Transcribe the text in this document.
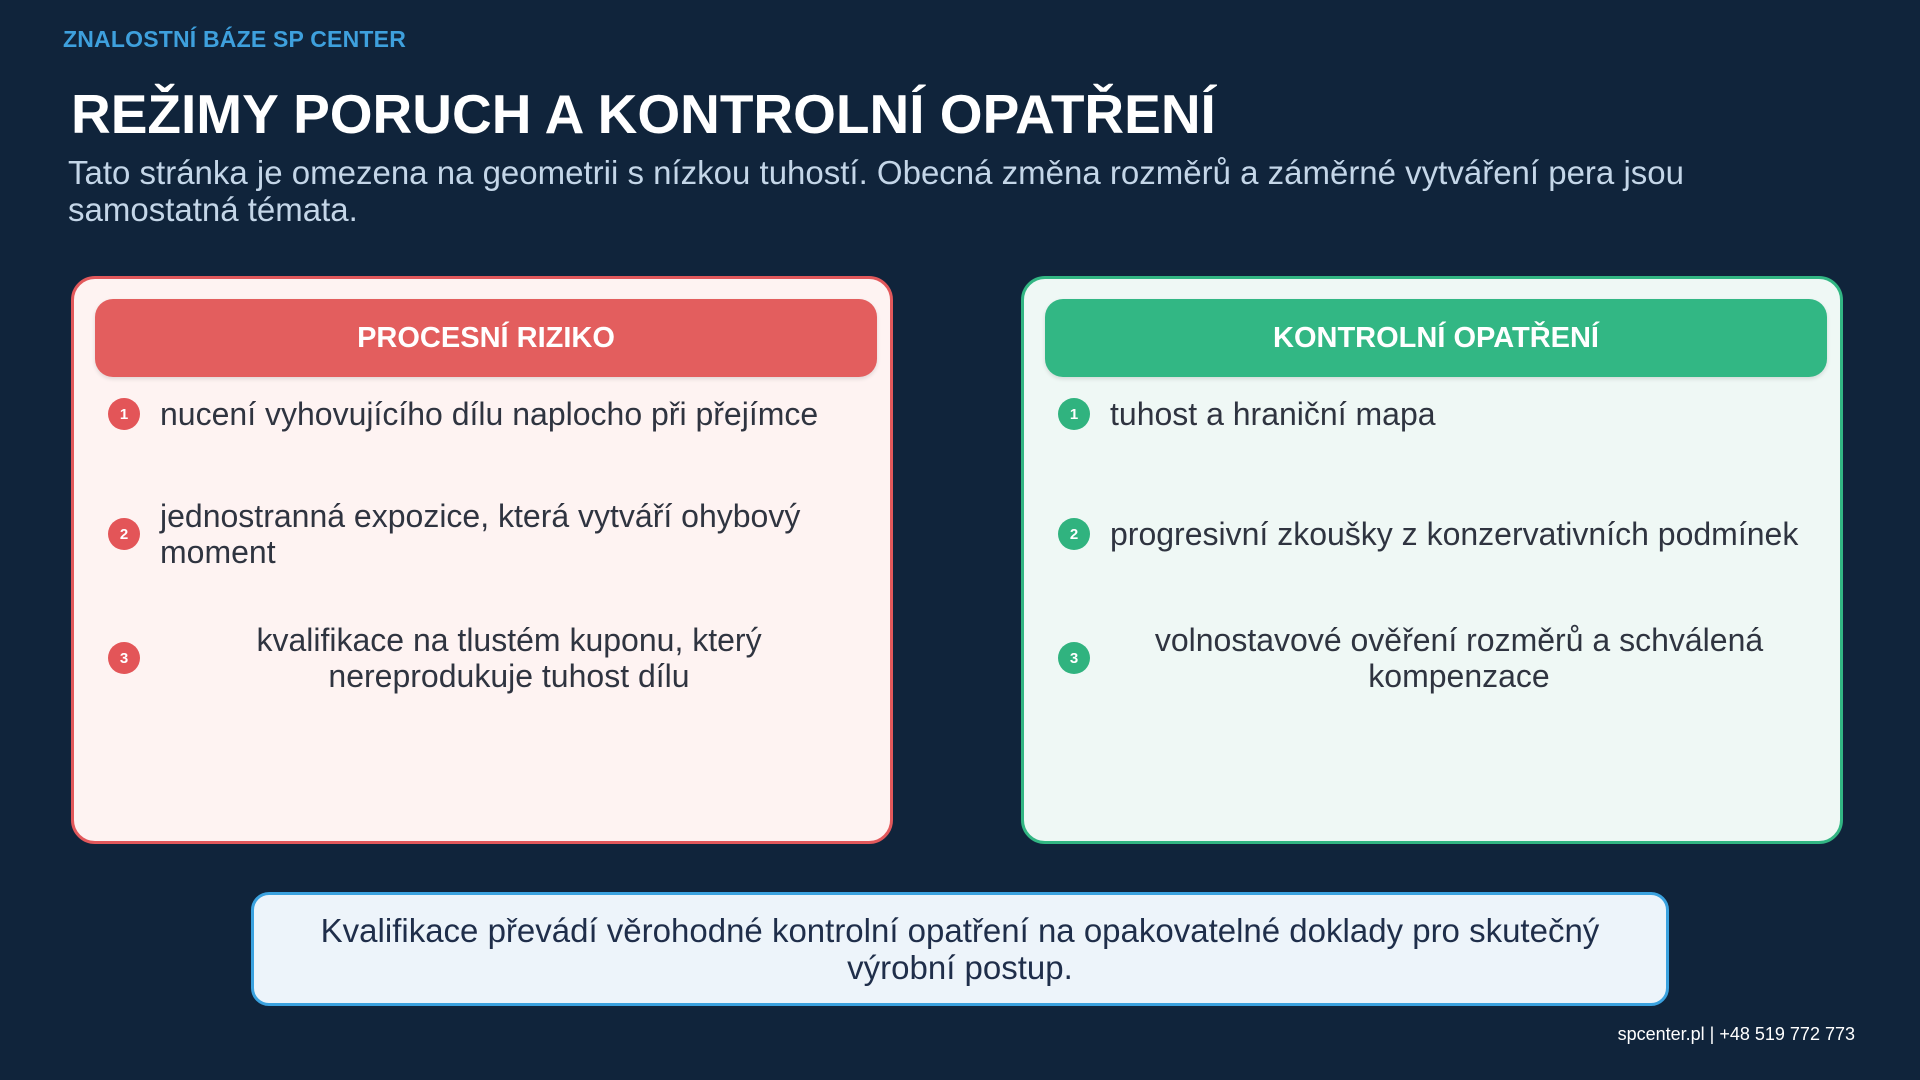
ZNALOSTNÍ BÁZE SP CENTER
REŽIMY PORUCH A KONTROLNÍ OPATŘENÍ

Tato stránka je omezena na geometrii s nízkou tuhostí. Obecná změna rozměrů a záměrné vytváření pera jsou samostatná témata.

PROCESNÍ RIZIKO
1 nucení vyhovujícího dílu naplocho při přejímce
2 jednostranná expozice, která vytváří ohybový moment
3	kvalifikace na tlustém kuponu, který nereprodukuje tuhost dílu
KONTROLNÍ OPATŘENÍ
1 tuhost a hraniční mapa
2 progresivní zkoušky z konzervativních podmínek
3	volnostavové ověření rozměrů a schválená kompenzace
Kvalifikace převádí věrohodné kontrolní opatření na opakovatelné doklady pro skutečný výrobní postup.
spcenter.pl | +48 519 772 773
